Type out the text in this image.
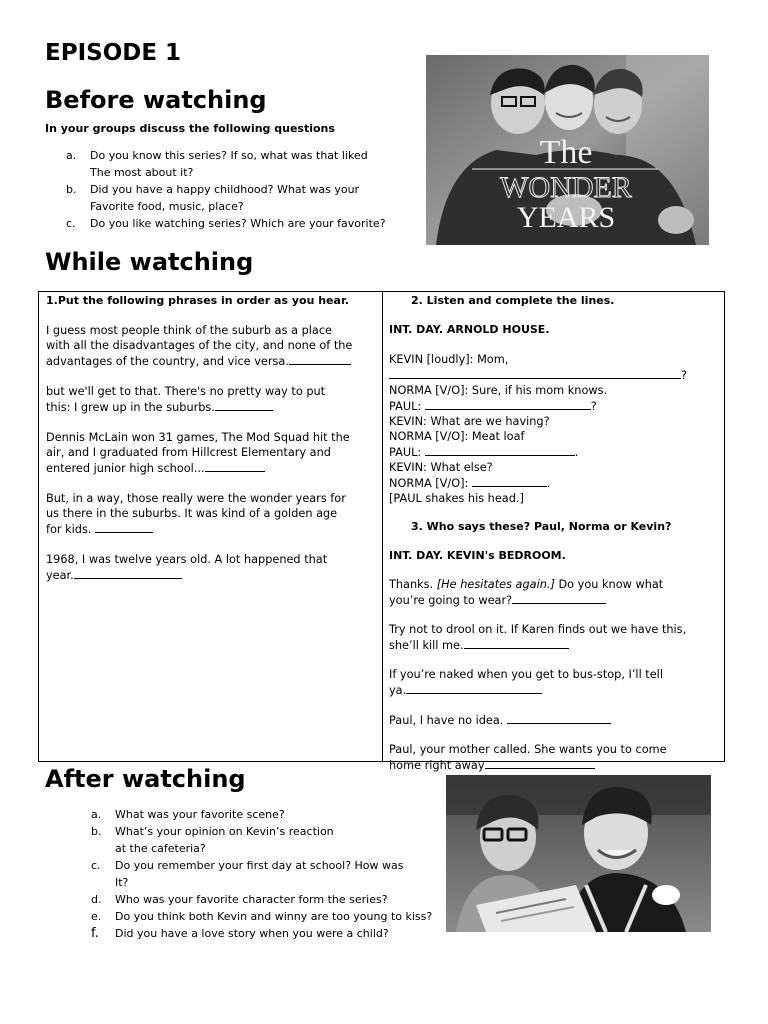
EPISODE 1
Before watching
In your groups discuss the following questions
a. Do you know this series? If so, what was that liked
The most about it?
b. Did you have a happy childhood? What was your
Favorite food, music, place?
c. Do you like watching series? Which are your favorite?
The
WONDER
YEARS
While watching

1.Put the following phrases in order as you hear.

I guess most people think of the suburb as a place
with all the disadvantages of the city, and none of the
advantages of the country, and vice versa.

but we'll get to that. There's no pretty way to put
this: I grew up in the suburbs.

Dennis McLain won 31 games, The Mod Squad hit the
air, and I graduated from Hillcrest Elementary and
entered junior high school...

But, in a way, those really were the wonder years for
us there in the suburbs. It was kind of a golden age
for kids.

1968, I was twelve years old. A lot happened that
year.

2. Listen and complete the lines.

INT. DAY. ARNOLD HOUSE.

KEVIN [loudly]: Mom,
?
NORMA [V/O]: Sure, if his mom knows.
PAUL:	?
KEVIN: What are we having?
NORMA [V/O]: Meat loaf
PAUL:	.
KEVIN: What else?
NORMA [V/O]:	.
[PAUL shakes his head.]

3. Who says these? Paul, Norma or Kevin?

INT. DAY. KEVIN's BEDROOM.

Thanks. [He hesitates again.] Do you know what
you’re going to wear?

Try not to drool on it. If Karen finds out we have this,
she’ll kill me.

If you’re naked when you get to bus-stop, I’ll tell
ya.

Paul, I have no idea.

Paul, your mother called. She wants you to come
home right away

After watching
a. What was your favorite scene?
b. What’s your opinion on Kevin’s reaction
at the cafeteria?
c. Do you remember your first day at school? How was
It?
d. Who was your favorite character form the series?
e. Do you think both Kevin and winny are too young to kiss?
f. Did you have a love story when you were a child?
